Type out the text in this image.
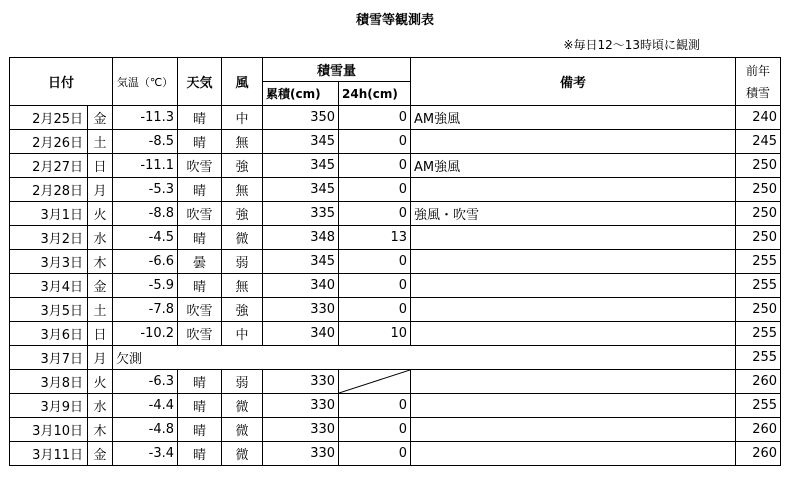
積雪等観測表
※毎日12〜13時頃に観測
日付		気温（℃）	天気	風	積雪量		備考	前年
積雪

					累積(cm)	24h(cm)		
2月25日	金	-11.3	晴	中	350	0	AM強風	240
2月26日	土	-8.5	晴	無	345	0		245
2月27日	日	-11.1	吹雪	強	345	0	AM強風	250
2月28日	月	-5.3	晴	無	345	0		250
3月1日	火	-8.8	吹雪	強	335	0	強風・吹雪	250
3月2日	水	-4.5	晴	微	348	13		250
3月3日	木	-6.6	曇	弱	345	0		255
3月4日	金	-5.9	晴	無	340	0		255
3月5日	土	-7.8	吹雪	強	330	0		250
3月6日	日	-10.2	吹雪	中	340	10		255
3月7日	月	欠測						255
3月8日	火	-6.3	晴	弱	330			260
3月9日	水	-4.4	晴	微	330	0		255
3月10日	木	-4.8	晴	微	330	0		260
3月11日	金	-3.4	晴	微	330	0		260
